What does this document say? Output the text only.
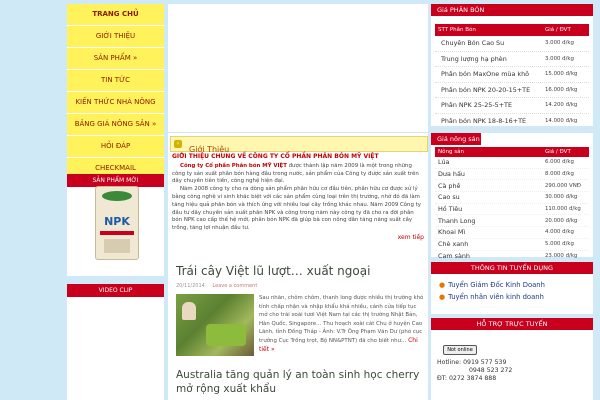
TRANG CHỦ
GIỚI THIỆU
SẢN PHẨM »
TIN TỨC
KIẾN THỨC NHÀ NÔNG
BẢNG GIÁ NÔNG SẢN »
HỎI ĐÁP
CHECKMAIL
SẢN PHẨM MỚI
NPK
VIDEO CLIP
›
Giới Thiệu
GIỚI THIỆU CHUNG VỀ CÔNG TY CỔ PHẦN PHÂN BÓN MỸ VIỆT
Công ty Cổ phần Phân bón MỸ VIỆT được thành lập năm 2009 là một trong những công ty sản xuất phân bón hàng đầu trong nước, sản phẩm của Công ty được sản xuất trên dây chuyền tiên tiến, công nghệ hiện đại.
Năm 2008 công ty cho ra dòng sản phẩm phân hữu cơ đầu tiên, phân hữu cơ được xử lý bằng công nghệ vi sinh khác biệt với các sản phẩm cùng loại trên thị trường, nhờ đó đã làm tăng hiệu quả phân bón và thích ứng với nhiều loại cây trồng khác nhau. Năm 2009 Công ty đầu tư dây chuyền sản xuất phân NPK và công trong năm này công ty đã cho ra đời phân bón NPK cao cấp thế hệ mới, phân bón NPK đã giúp bà con nông dân tăng năng suất cây trồng, tăng lợi nhuận đầu tư.
xem tiếp
Trái cây Việt lũ lượt… xuất ngoại
20/11/2014 Leave a comment
Sau nhãn, chôm chôm, thanh long được nhiều thị trường khó tính chấp nhận và nhập khẩu khá nhiều, cánh cửa tiếp tục mở cho trái xoài tươi Việt Nam tại các thị trường Nhật Bản, Hàn Quốc, Singapore… Thu hoạch xoài cát Chu ở huyện Cao Lãnh, tỉnh Đồng Tháp - Ảnh: V.Tr Ông Phạm Văn Dư (phó cục trưởng Cục Trồng trọt, Bộ NN&PTNT) đã cho biết như… Chi tiết »
Australia tăng quản lý an toàn sinh học cherry mở rộng xuất khẩu
Giá PHÂN BÓN
STT Phân Bón	Giá / ĐVT
Chuyên Bón Cao Su	3.000 đ/kg
Trung lượng hạ phèn	3.000 đ/kg
Phân bón MaxOne mùa khô	15.000 đ/kg
Phân bón NPK 20-20-15+TE	16.000 đ/kg
Phân NPK 25-25-5+TE	14.200 đ/kg
Phân bón NPK 18-8-16+TE	14.000 đ/kg
Giá nông sản
Nông sản	Giá / ĐVT
Lúa	6.000 đ/kg
Dưa hấu	8.000 đ/kg
Cà phê	290.000 VNĐ
Cao su	30.000 đ/kg
Hồ Tiêu	110.000 đ/kg
Thanh Long	20.000 đ/kg
Khoai Mì	4.000 đ/kg
Chè xanh	5.000 đ/kg
Cam sành	23.000 đ/kg
THÔNG TIN TUYỂN DỤNG
● Tuyển Giám Đốc Kinh Doanh
● Tuyển nhân viên kinh doanh
HỖ TRỢ TRỰC TUYẾN
Not online
Hotline: 0919 577 539
0948 523 272
ĐT: 0272 3874 888
